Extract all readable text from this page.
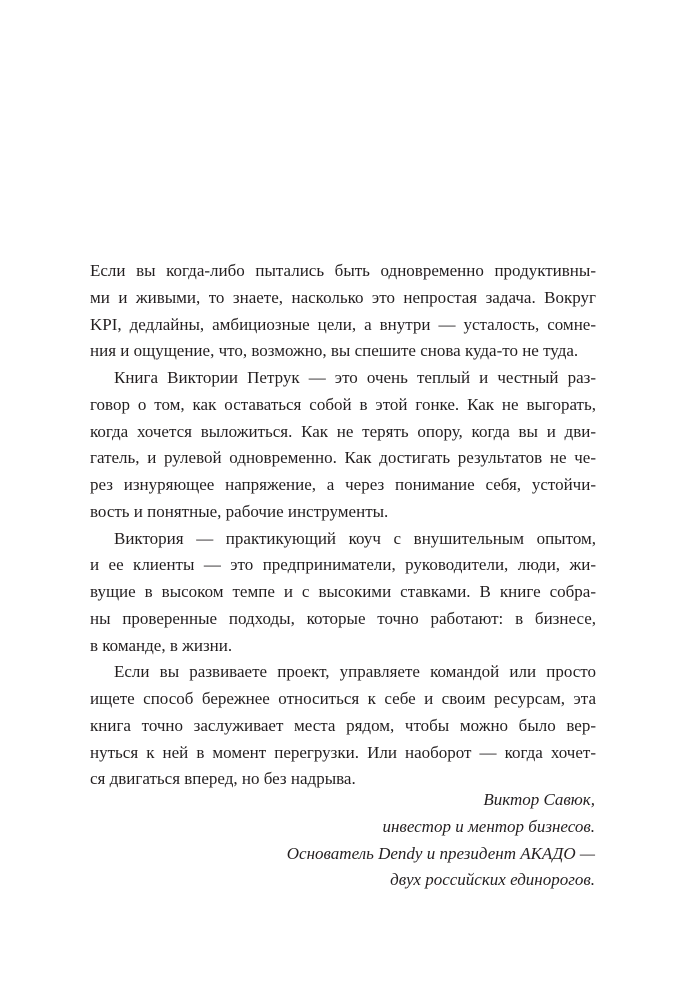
Если вы когда-либо пытались быть одновременно продуктивны-
ми и живыми, то знаете, насколько это непростая задача. Вокруг
KPI, дедлайны, амбициозные цели, а внутри — усталость, сомне-
ния и ощущение, что, возможно, вы спешите снова куда-то не туда.
Книга Виктории Петрук — это очень теплый и честный раз-
говор о том, как оставаться собой в этой гонке. Как не выгорать,
когда хочется выложиться. Как не терять опору, когда вы и дви-
гатель, и рулевой одновременно. Как достигать результатов не че-
рез изнуряющее напряжение, а через понимание себя, устойчи-
вость и понятные, рабочие инструменты.
Виктория — практикующий коуч с внушительным опытом,
и ее клиенты — это предприниматели, руководители, люди, жи-
вущие в высоком темпе и с высокими ставками. В книге собра-
ны проверенные подходы, которые точно работают: в бизнесе,
в команде, в жизни.
Если вы развиваете проект, управляете командой или просто
ищете способ бережнее относиться к себе и своим ресурсам, эта
книга точно заслуживает места рядом, чтобы можно было вер-
нуться к ней в момент перегрузки. Или наоборот — когда хочет-
ся двигаться вперед, но без надрыва.
Виктор Савюк,
инвестор и ментор бизнесов.
Основатель Dendy и президент АКАДО —
двух российских единорогов.
